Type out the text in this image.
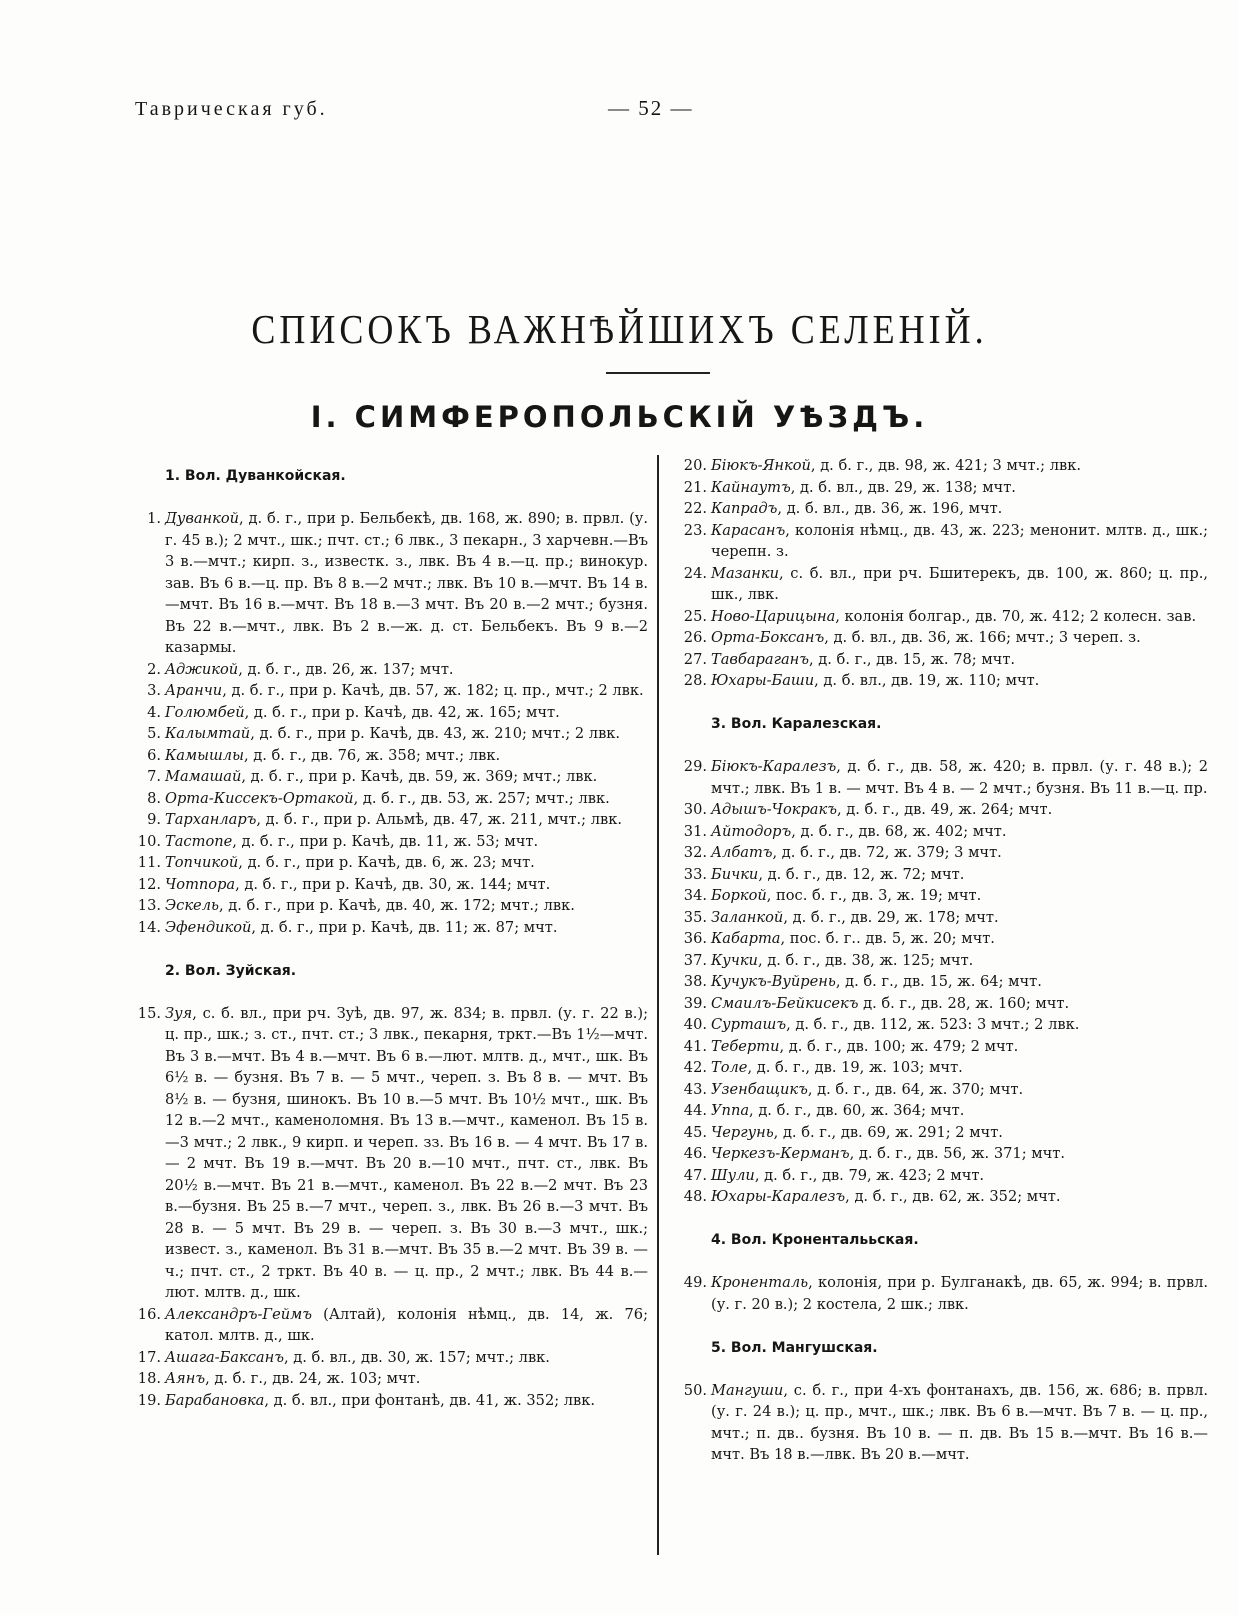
Таврическая губ.	— 52 —
СПИСОКЪ ВАЖНѢЙШИХЪ СЕЛЕНІЙ.
I. СИМФЕРОПОЛЬСКІЙ УѢЗДЪ.
1. Вол. Дуванкойская.
1. Дуванкой, д. б. г., при р. Бельбекѣ, дв. 168, ж. 890; в. првл. (у. г. 45 в.); 2 мчт., шк.; пчт. ст.; 6 лвк., 3 пекарн., 3 харчевн.—Въ 3 в.—мчт.; кирп. з., известк. з., лвк. Въ 4 в.—ц. пр.; винокур. зав. Въ 6 в.—ц. пр. Въ 8 в.—2 мчт.; лвк. Въ 10 в.—мчт. Въ 14 в.—мчт. Въ 16 в.—мчт. Въ 18 в.—3 мчт. Въ 20 в.—2 мчт.; бузня. Въ 22 в.—мчт., лвк. Въ 2 в.—ж. д. ст. Бельбекъ. Въ 9 в.—2 казармы.
2. Аджикой, д. б. г., дв. 26, ж. 137; мчт.
3. Аранчи, д. б. г., при р. Качѣ, дв. 57, ж. 182; ц. пр., мчт.; 2 лвк.
4. Голюмбей, д. б. г., при р. Качѣ, дв. 42, ж. 165; мчт.
5. Калымтай, д. б. г., при р. Качѣ, дв. 43, ж. 210; мчт.; 2 лвк.
6. Камышлы, д. б. г., дв. 76, ж. 358; мчт.; лвк.
7. Мамашай, д. б. г., при р. Качѣ, дв. 59, ж. 369; мчт.; лвк.
8. Орта-Киссекъ-Ортакой, д. б. г., дв. 53, ж. 257; мчт.; лвк.
9. Тарханларъ, д. б. г., при р. Альмѣ, дв. 47, ж. 211, мчт.; лвк.
10. Тастопе, д. б. г., при р. Качѣ, дв. 11, ж. 53; мчт.
11. Топчикой, д. б. г., при р. Качѣ, дв. 6, ж. 23; мчт.
12. Чотпора, д. б. г., при р. Качѣ, дв. 30, ж. 144; мчт.
13. Эскель, д. б. г., при р. Качѣ, дв. 40, ж. 172; мчт.; лвк.
14. Эфендикой, д. б. г., при р. Качѣ, дв. 11; ж. 87; мчт.
2. Вол. Зуйская.
15. Зуя, с. б. вл., при рч. Зуѣ, дв. 97, ж. 834; в. првл. (у. г. 22 в.); ц. пр., шк.; з. ст., пчт. ст.; 3 лвк., пекарня, тркт.—Въ 1½—мчт. Въ 3 в.—мчт. Въ 4 в.—мчт. Въ 6 в.—лют. млтв. д., мчт., шк. Въ 6½ в. — бузня. Въ 7 в. — 5 мчт., череп. з. Въ 8 в. — мчт. Въ 8½ в. — бузня, шинокъ. Въ 10 в.—5 мчт. Въ 10½ мчт., шк. Въ 12 в.—2 мчт., каменоломня. Въ 13 в.—мчт., каменол. Въ 15 в.—3 мчт.; 2 лвк., 9 кирп. и череп. зз. Въ 16 в. — 4 мчт. Въ 17 в. — 2 мчт. Въ 19 в.—мчт. Въ 20 в.—10 мчт., пчт. ст., лвк. Въ 20½ в.—мчт. Въ 21 в.—мчт., каменол. Въ 22 в.—2 мчт. Въ 23 в.—бузня. Въ 25 в.—7 мчт., череп. з., лвк. Въ 26 в.—3 мчт. Въ 28 в. — 5 мчт. Въ 29 в. — череп. з. Въ 30 в.—3 мчт., шк.; извест. з., каменол. Въ 31 в.—мчт. Въ 35 в.—2 мчт. Въ 39 в. — ч.; пчт. ст., 2 тркт. Въ 40 в. — ц. пр., 2 мчт.; лвк. Въ 44 в.—лют. млтв. д., шк.
16. Александръ-Геймъ (Алтай), колонія нѣмц., дв. 14, ж. 76; катол. млтв. д., шк.
17. Ашага-Баксанъ, д. б. вл., дв. 30, ж. 157; мчт.; лвк.
18. Аянъ, д. б. г., дв. 24, ж. 103; мчт.
19. Барабановка, д. б. вл., при фонтанѣ, дв. 41, ж. 352; лвк.
20. Біюкъ-Янкой, д. б. г., дв. 98, ж. 421; 3 мчт.; лвк.
21. Кайнаутъ, д. б. вл., дв. 29, ж. 138; мчт.
22. Капрадъ, д. б. вл., дв. 36, ж. 196, мчт.
23. Карасанъ, колонія нѣмц., дв. 43, ж. 223; менонит. млтв. д., шк.; черепн. з.
24. Мазанки, с. б. вл., при рч. Бшитерекъ, дв. 100, ж. 860; ц. пр., шк., лвк.
25. Ново-Царицына, колонія болгар., дв. 70, ж. 412; 2 колесн. зав.
26. Орта-Боксанъ, д. б. вл., дв. 36, ж. 166; мчт.; 3 череп. з.
27. Тавбараганъ, д. б. г., дв. 15, ж. 78; мчт.
28. Юхары-Баши, д. б. вл., дв. 19, ж. 110; мчт.
3. Вол. Каралезская.
29. Біюкъ-Каралезъ, д. б. г., дв. 58, ж. 420; в. првл. (у. г. 48 в.); 2 мчт.; лвк. Въ 1 в. — мчт. Въ 4 в. — 2 мчт.; бузня. Въ 11 в.—ц. пр.
30. Адышъ-Чокракъ, д. б. г., дв. 49, ж. 264; мчт.
31. Айтодоръ, д. б. г., дв. 68, ж. 402; мчт.
32. Албатъ, д. б. г., дв. 72, ж. 379; 3 мчт.
33. Бички, д. б. г., дв. 12, ж. 72; мчт.
34. Боркой, пос. б. г., дв. 3, ж. 19; мчт.
35. Заланкой, д. б. г., дв. 29, ж. 178; мчт.
36. Кабарта, пос. б. г.. дв. 5, ж. 20; мчт.
37. Кучки, д. б. г., дв. 38, ж. 125; мчт.
38. Кучукъ-Вуйрень, д. б. г., дв. 15, ж. 64; мчт.
39. Смаилъ-Бейкисекъ д. б. г., дв. 28, ж. 160; мчт.
40. Сурташъ, д. б. г., дв. 112, ж. 523: 3 мчт.; 2 лвк.
41. Теберти, д. б. г., дв. 100; ж. 479; 2 мчт.
42. Толе, д. б. г., дв. 19, ж. 103; мчт.
43. Узенбащикъ, д. б. г., дв. 64, ж. 370; мчт.
44. Уппа, д. б. г., дв. 60, ж. 364; мчт.
45. Чергунь, д. б. г., дв. 69, ж. 291; 2 мчт.
46. Черкезъ-Керманъ, д. б. г., дв. 56, ж. 371; мчт.
47. Шули, д. б. г., дв. 79, ж. 423; 2 мчт.
48. Юхары-Каралезъ, д. б. г., дв. 62, ж. 352; мчт.
4. Вол. Кроненталььская.
49. Кроненталь, колонія, при р. Булганакѣ, дв. 65, ж. 994; в. првл. (у. г. 20 в.); 2 костела, 2 шк.; лвк.
5. Вол. Мангушская.
50. Мангуши, с. б. г., при 4-хъ фонтанахъ, дв. 156, ж. 686; в. првл. (у. г. 24 в.); ц. пр., мчт., шк.; лвк. Въ 6 в.—мчт. Въ 7 в. — ц. пр., мчт.; п. дв.. бузня. Въ 10 в. — п. дв. Въ 15 в.—мчт. Въ 16 в.—мчт. Въ 18 в.—лвк. Въ 20 в.—мчт.
